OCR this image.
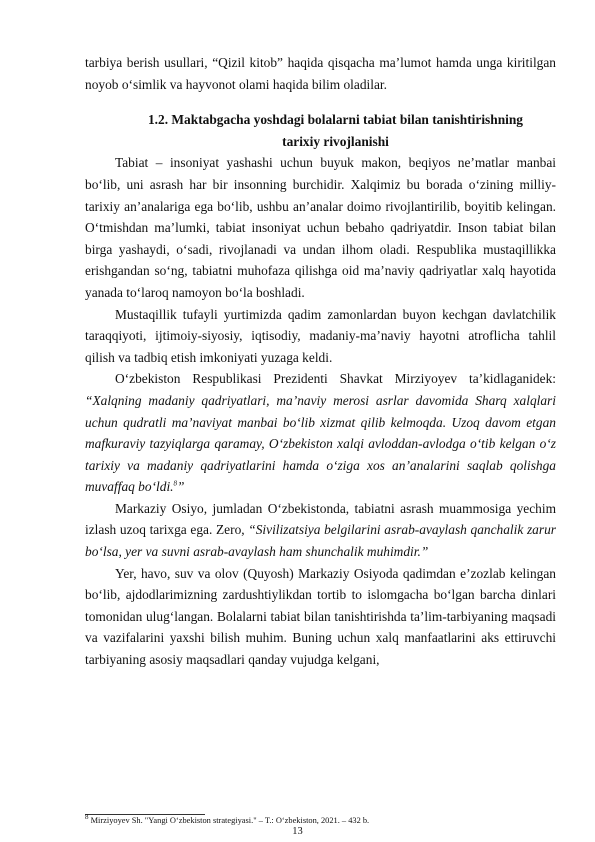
tarbiya berish usullari, “Qizil kitob” haqida qisqacha ma’lumot hamda unga kiritilgan noyob o‘simlik va hayvonot olami haqida bilim oladilar.

1.2. Maktabgacha yoshdagi bolalarni tabiat bilan tanishtirishning
tarixiy rivojlanishi

Tabiat – insoniyat yashashi uchun buyuk makon, beqiyos ne’matlar manbai bo‘lib, uni asrash har bir insonning burchidir. Xalqimiz bu borada o‘zining milliy-tarixiy an’analariga ega bo‘lib, ushbu an’analar doimo rivojlantirilib, boyitib kelingan. O‘tmishdan ma’lumki, tabiat insoniyat uchun bebaho qadriyatdir. Inson tabiat bilan birga yashaydi, o‘sadi, rivojlanadi va undan ilhom oladi. Respublika mustaqillikka erishgandan so‘ng, tabiatni muhofaza qilishga oid ma’naviy qadriyatlar xalq hayotida yanada to‘laroq namoyon bo‘la boshladi.

Mustaqillik tufayli yurtimizda qadim zamonlardan buyon kechgan davlatchilik taraqqiyoti, ijtimoiy-siyosiy, iqtisodiy, madaniy-ma’naviy hayotni atroflicha tahlil qilish va tadbiq etish imkoniyati yuzaga keldi.

O‘zbekiston Respublikasi Prezidenti Shavkat Mirziyoyev ta’kidlaganidek: “Xalqning madaniy qadriyatlari, ma’naviy merosi asrlar davomida Sharq xalqlari uchun qudratli ma’naviyat manbai bo‘lib xizmat qilib kelmoqda. Uzoq davom etgan mafkuraviy tazyiqlarga qaramay, O‘zbekiston xalqi avloddan-avlodga o‘tib kelgan o‘z tarixiy va madaniy qadriyatlarini hamda o‘ziga xos an’analarini saqlab qolishga muvaffaq bo‘ldi.$^8$”

Markaziy Osiyo, jumladan O‘zbekistonda, tabiatni asrash muammosiga yechim izlash uzoq tarixga ega. Zero, “Sivilizatsiya belgilarini asrab-avaylash qanchalik zarur bo‘lsa, yer va suvni asrab-avaylash ham shunchalik muhimdir.”

Yer, havo, suv va olov (Quyosh) Markaziy Osiyoda qadimdan e’zozlab kelingan bo‘lib, ajdodlarimizning zardushtiylikdan tortib to islomgacha bo‘lgan barcha dinlari tomonidan ulug‘langan. Bolalarni tabiat bilan tanishtirishda ta’lim-tarbiyaning maqsadi va vazifalarini yaxshi bilish muhim. Buning uchun xalq manfaatlarini aks ettiruvchi tarbiyaning asosiy maqsadlari qanday vujudga kelgani,

$^8$ Mirziyoyev Sh. "Yangi O‘zbekiston strategiyasi." – T.: O‘zbekiston, 2021. – 432 b.
13
